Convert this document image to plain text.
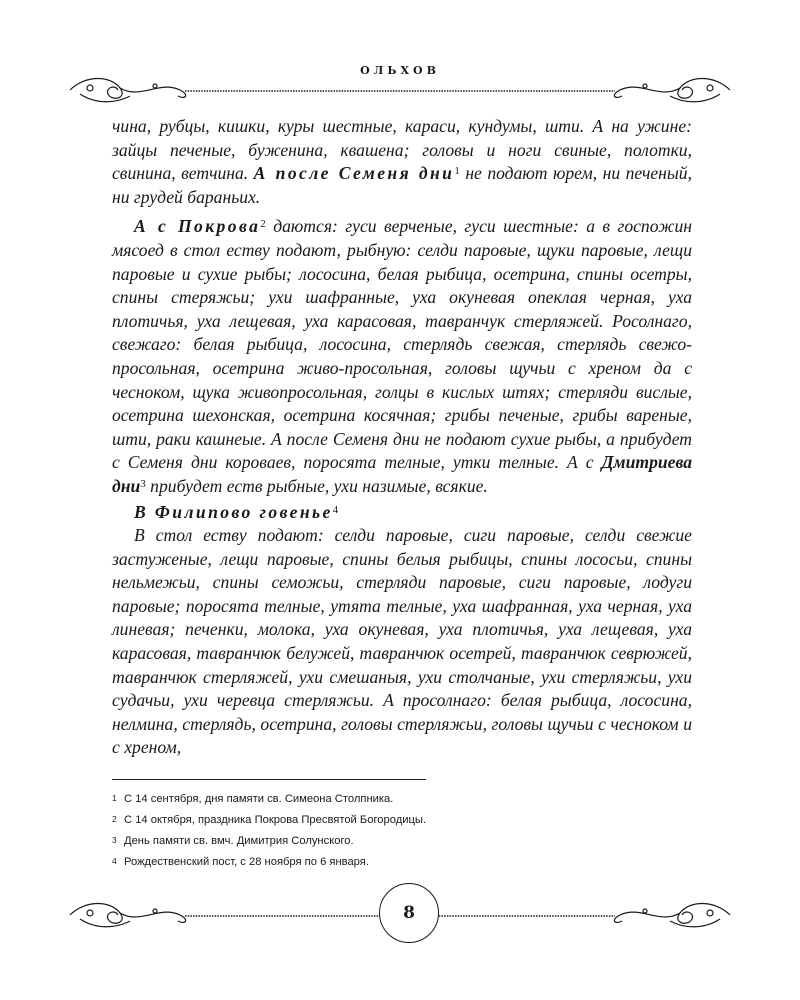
ОЛЬХОВ

чина, рубцы, кишки, куры шестные, караси, кундумы, шти. А на ужине: зайцы печеные, буженина, квашена; головы и ноги свиные, полотки, свинина, ветчина. А после Семеня дни$^1$ не подают юрем, ни печеный, ни грудей бараньих.

А с Покрова$^2$ даются: гуси верченые, гуси шестные: а в госпожин мясоед в стол еству подают, рыбную: селди паровые, щуки паровые, лещи паровые и сухие рыбы; лососина, белая рыбица, осетрина, спины осетры, спины стеряжьи; ухи шафранные, уха окуневая опеклая черная, уха плотичья, уха лещевая, уха карасовая, тавранчук стерляжей. Росолнаго, свежаго: белая рыбица, лососина, стерлядь свежая, стерлядь свежо-просольная, осетрина живо-просольная, головы щучьи с хреном да с чесноком, щука живопросольная, голцы в кислых штях; стерляди вислые, осетрина шехонская, осетрина косячная; грибы печеные, грибы вареные, шти, раки кашнеые. А после Семеня дни не подают сухие рыбы, а прибудет с Семеня дни короваев, поросята телные, утки телные. А с Дмитриева дни$^3$ прибудет еств рыбные, ухи назимые, всякие.

В Филипово говенье$^4$

В стол еству подают: селди паровые, сиги паровые, селди свежие застуженые, лещи паровые, спины белыя рыбицы, спины лососьи, спины нельмежьи, спины семожьи, стерляди паровые, сиги паровые, лодуги паровые; поросята телные, утята телные, уха шафранная, уха черная, уха линевая; печенки, молока, уха окуневая, уха плотичья, уха лещевая, уха карасовая, тавранчюк белужей, тавранчюк осетрей, тавранчюк севрюжей, тавранчюк стерляжей, ухи смешаныя, ухи столчаные, ухи стерляжьи, ухи судачьи, ухи черевца стерляжьи. А просолнаго: белая рыбица, лососина, нелмина, стерлядь, осетрина, головы стерляжьи, головы щучьи с чесноком и с хреном,

1 С 14 сентября, дня памяти св. Симеона Столпника.
2 С 14 октября, праздника Покрова Пресвятой Богородицы.
3 День памяти св. вмч. Димитрия Солунского.
4 Рождественский пост, с 28 ноября по 6 января.
8
